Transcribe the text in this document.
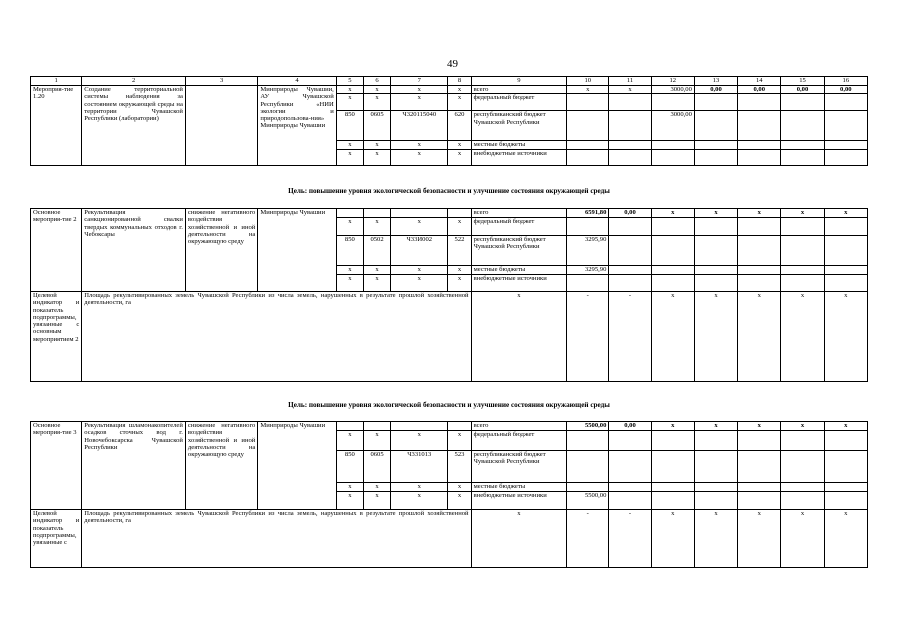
49
1	2	3	4	5	6	7	8	9	10	11	12	13	14	15	16
Мероприя-тие 1.20	Создание территориальной системы наблюдения за состоянием окружающей среды на территории Чувашской Республики (лаборатории)		Минприроды Чувашии, АУ Чувашской Республики «НИИ экологии и природопользова-ния» Минприроды Чувашии	x	x	x	x	всего	x	x	3000,00	0,00	0,00	0,00	0,00
				x	x	x	x	федеральный бюджет							
				850	0605	Ч320115040	620	республиканский бюджет Чувашской Республики			3000,00				
				x	x	x	x	местные бюджеты							
				x	x	x	x	внебюджетные источники							
Цель: повышение уровня экологической безопасности и улучшение состояния окружающей среды
Основное мероприя-тие 2	Рекультивация санкционированной свалки твердых коммунальных отходов г. Чебоксары	снижение негативного воздействия хозяйственной и иной деятельности на окружающую среду	Минприроды Чувашии					всего	6591,80	0,00	x	x	x	x	x
				x	x	x	x	федеральный бюджет							
				850	0502	Ч33И002	522	республиканский бюджет Чувашской Республики	3295,90						
				x	x	x	x	местные бюджеты	3295,90						
				x	x	x	x	внебюджетные источники							
Целевой индикатор и показатель подпрограммы, увязанные с основным мероприятием 2	Площадь рекультивированных земель Чувашской Республики из числа земель, нарушенных в результате прошлой хозяйственной деятельности, га							x	-	-	x	x	x	x	x
Цель: повышение уровня экологической безопасности и улучшение состояния окружающей среды
Основное мероприя-тие 3	Рекультивация шламонакопителей осадков сточных вод г. Новочебоксарска Чувашской Республики	снижение негативного воздействия хозяйственной и иной деятельности на окружающую среду	Минприроды Чувашии					всего	5500,00	0,00	x	x	x	x	x
				x	x	x	x	федеральный бюджет							
				850	0605	Ч331013	523	республиканский бюджет Чувашской Республики							
				x	x	x	x	местные бюджеты							
				x	x	x	x	внебюджетные источники	5500,00						
Целевой индикатор и показатель подпрограммы, увязанные с	Площадь рекультивированных земель Чувашской Республики из числа земель, нарушенных в результате прошлой хозяйственной деятельности, га							x	-	-	x	x	x	x	x
